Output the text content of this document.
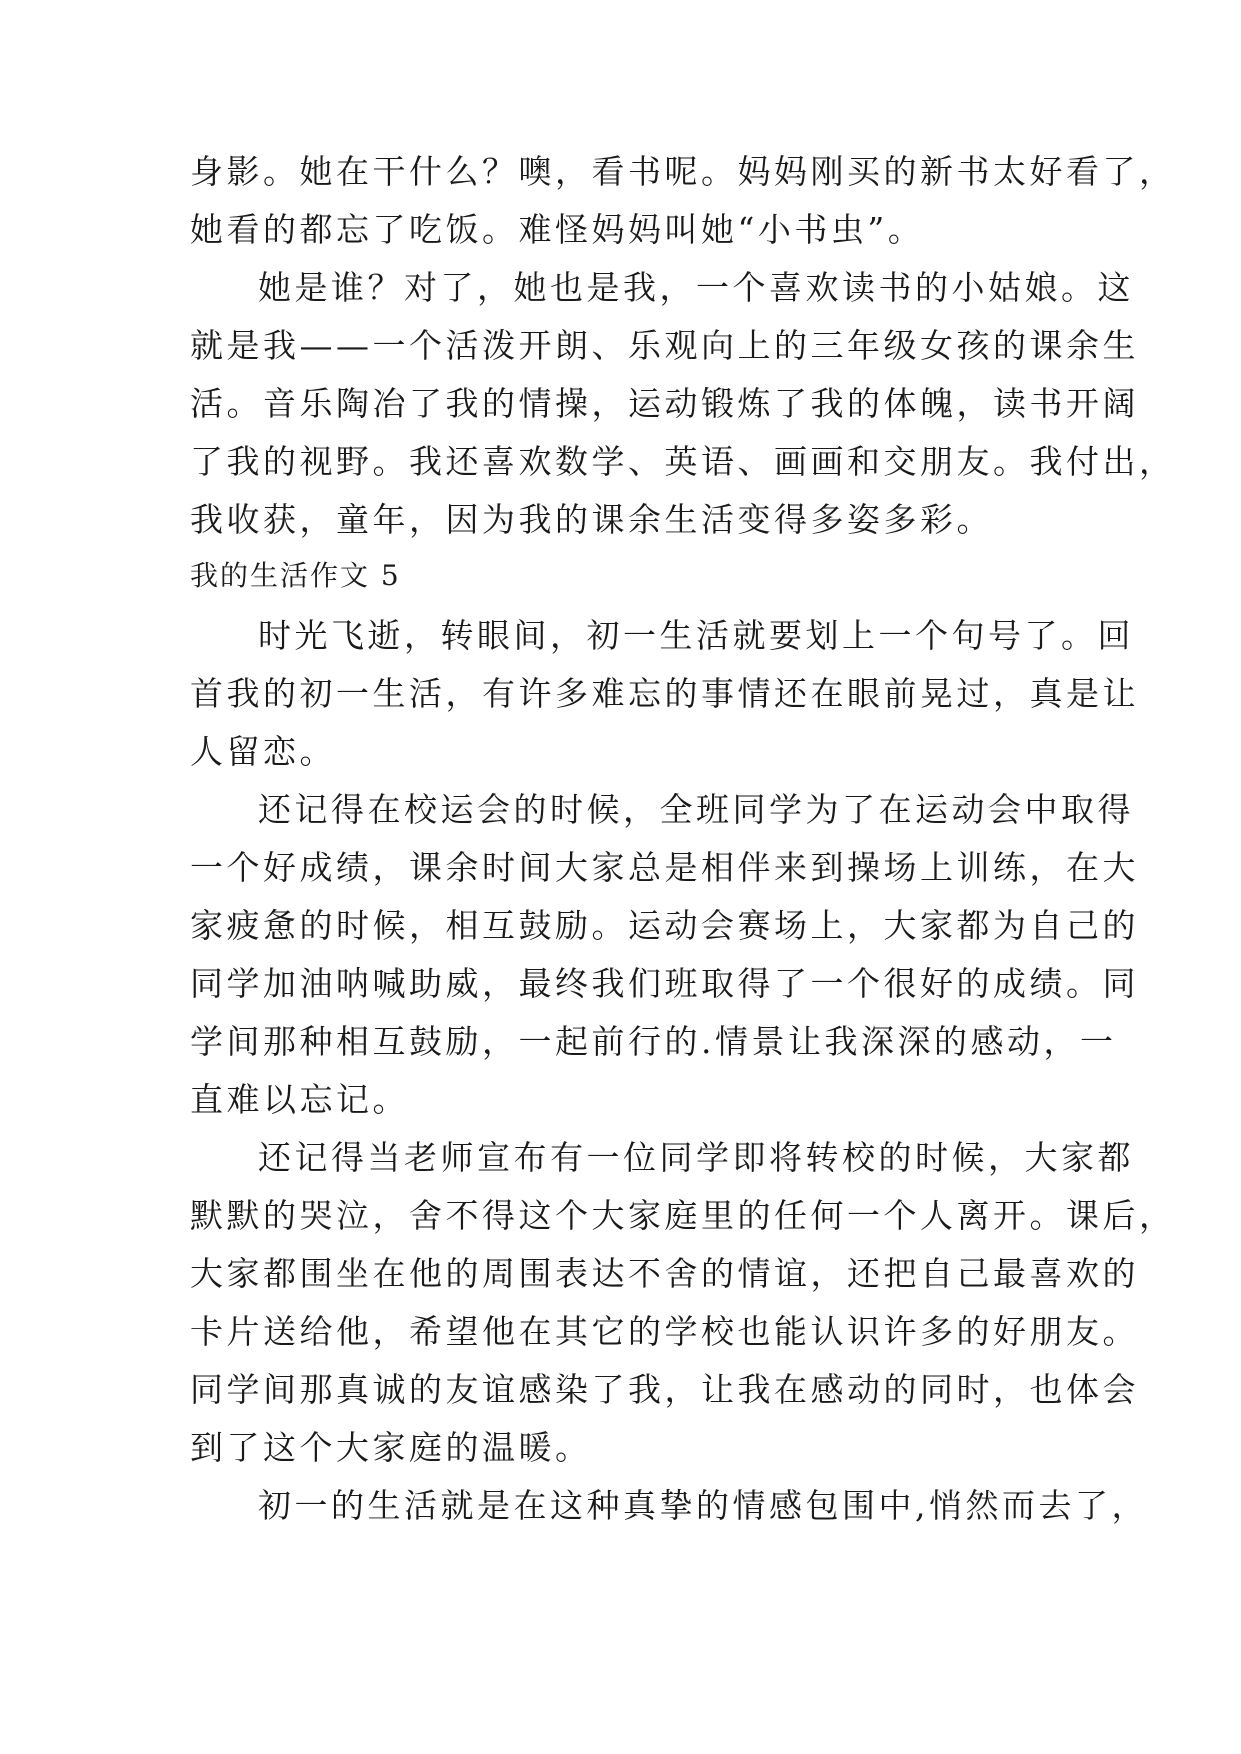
身影。她在干什么？噢，看书呢。妈妈刚买的新书太好看了，
她看的都忘了吃饭。难怪妈妈叫她“小书虫”。
她是谁？对了，她也是我，一个喜欢读书的小姑娘。这
就是我——一个活泼开朗、乐观向上的三年级女孩的课余生
活。音乐陶冶了我的情操，运动锻炼了我的体魄，读书开阔
了我的视野。我还喜欢数学、英语、画画和交朋友。我付出，
我收获，童年，因为我的课余生活变得多姿多彩。
我的生活作文 5
时光飞逝，转眼间，初一生活就要划上一个句号了。回
首我的初一生活，有许多难忘的事情还在眼前晃过，真是让
人留恋。
还记得在校运会的时候，全班同学为了在运动会中取得
一个好成绩，课余时间大家总是相伴来到操场上训练，在大
家疲惫的时候，相互鼓励。运动会赛场上，大家都为自己的
同学加油呐喊助威，最终我们班取得了一个很好的成绩。同
学间那种相互鼓励，一起前行的.情景让我深深的感动，一
直难以忘记。
还记得当老师宣布有一位同学即将转校的时候，大家都
默默的哭泣，舍不得这个大家庭里的任何一个人离开。课后，
大家都围坐在他的周围表达不舍的情谊，还把自己最喜欢的
卡片送给他，希望他在其它的学校也能认识许多的好朋友。
同学间那真诚的友谊感染了我，让我在感动的同时，也体会
到了这个大家庭的温暖。
初一的生活就是在这种真挚的情感包围中,悄然而去了，
